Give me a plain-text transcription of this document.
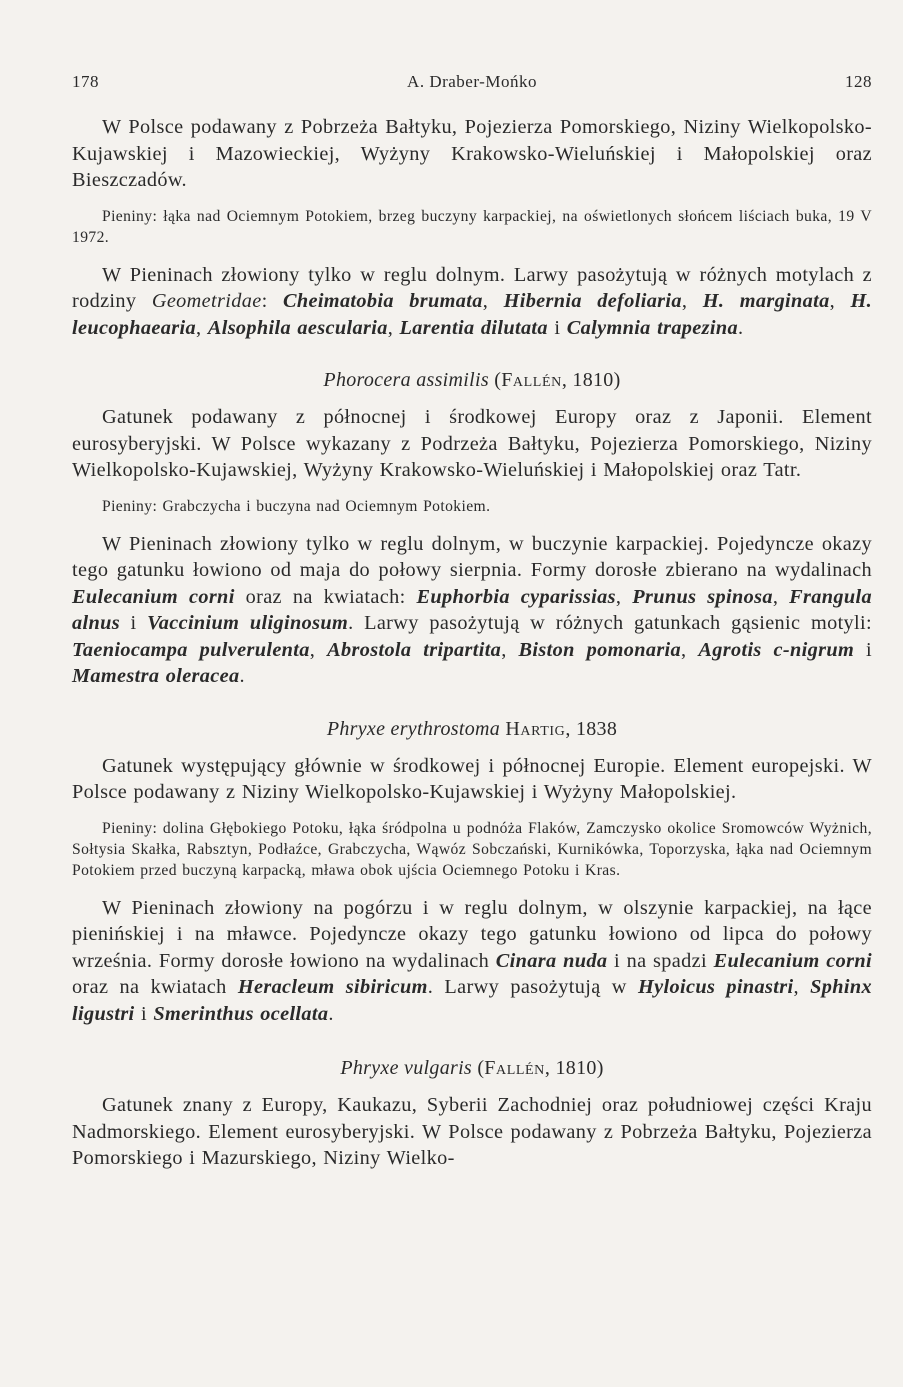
178	A. Draber-Mońko	128

W Polsce podawany z Pobrzeża Bałtyku, Pojezierza Pomorskiego, Niziny Wielkopolsko-Kujawskiej i Mazowieckiej, Wyżyny Krakowsko-Wieluńskiej i Małopolskiej oraz Bieszczadów.

Pieniny: łąka nad Ociemnym Potokiem, brzeg buczyny karpackiej, na oświetlonych słońcem liściach buka, 19 V 1972.

W Pieninach złowiony tylko w reglu dolnym. Larwy pasożytują w różnych motylach z rodziny Geometridae: Cheimatobia brumata, Hibernia defoliaria, H. marginata, H. leucophaearia, Alsophila aescularia, Larentia dilutata i Calymnia trapezina.

Phorocera assimilis (Fallén, 1810)

Gatunek podawany z północnej i środkowej Europy oraz z Japonii. Element eurosyberyjski. W Polsce wykazany z Podrzeża Bałtyku, Pojezierza Pomorskiego, Niziny Wielkopolsko-Kujawskiej, Wyżyny Krakowsko-Wieluńskiej i Małopolskiej oraz Tatr.

Pieniny: Grabczycha i buczyna nad Ociemnym Potokiem.

W Pieninach złowiony tylko w reglu dolnym, w buczynie karpackiej. Pojedyncze okazy tego gatunku łowiono od maja do połowy sierpnia. Formy dorosłe zbierano na wydalinach Eulecanium corni oraz na kwiatach: Euphorbia cyparissias, Prunus spinosa, Frangula alnus i Vaccinium uliginosum. Larwy pasożytują w różnych gatunkach gąsienic motyli: Taeniocampa pulverulenta, Abrostola tripartita, Biston pomonaria, Agrotis c-nigrum i Mamestra oleracea.

Phryxe erythrostoma Hartig, 1838

Gatunek występujący głównie w środkowej i północnej Europie. Element europejski. W Polsce podawany z Niziny Wielkopolsko-Kujawskiej i Wyżyny Małopolskiej.

Pieniny: dolina Głębokiego Potoku, łąka śródpolna u podnóża Flaków, Zamczysko okolice Sromowców Wyżnich, Sołtysia Skałka, Rabsztyn, Podłaźce, Grabczycha, Wąwóz Sobczański, Kurnikówka, Toporzyska, łąka nad Ociemnym Potokiem przed buczyną karpacką, mława obok ujścia Ociemnego Potoku i Kras.

W Pieninach złowiony na pogórzu i w reglu dolnym, w olszynie karpackiej, na łące pienińskiej i na mławce. Pojedyncze okazy tego gatunku łowiono od lipca do połowy września. Formy dorosłe łowiono na wydalinach Cinara nuda i na spadzi Eulecanium corni oraz na kwiatach Heracleum sibiricum. Larwy pasożytują w Hyloicus pinastri, Sphinx ligustri i Smerinthus ocellata.

Phryxe vulgaris (Fallén, 1810)

Gatunek znany z Europy, Kaukazu, Syberii Zachodniej oraz południowej części Kraju Nadmorskiego. Element eurosyberyjski. W Polsce podawany z Pobrzeża Bałtyku, Pojezierza Pomorskiego i Mazurskiego, Niziny Wielko-
